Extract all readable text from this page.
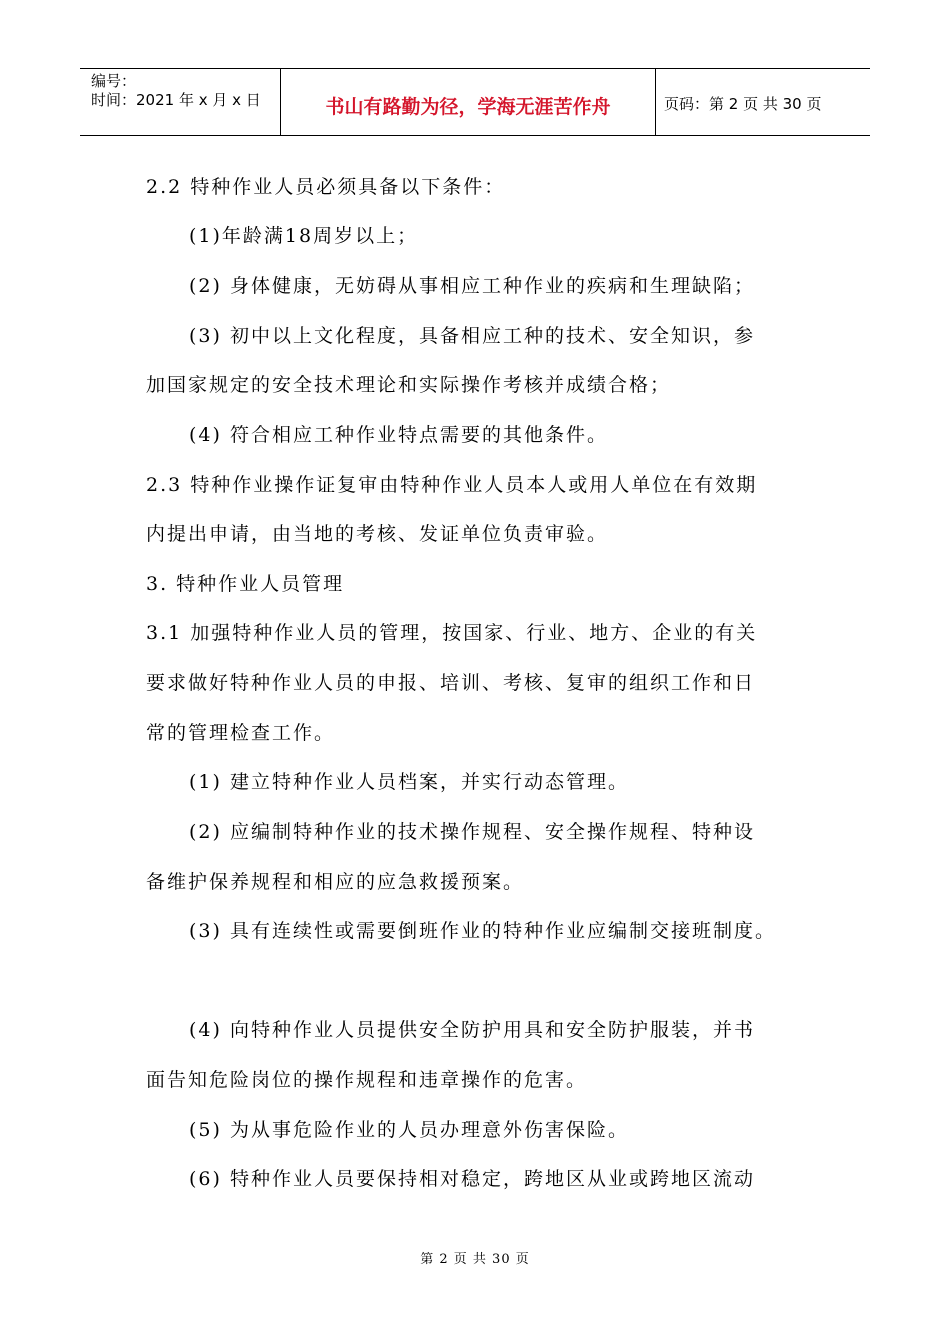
编号：
时间：2021 年 x 月 x 日	书山有路勤为径，学海无涯苦作舟	页码：第 2 页 共 30 页
2.2 特种作业人员必须具备以下条件：
(1)年龄满18周岁以上；
(2) 身体健康，无妨碍从事相应工种作业的疾病和生理缺陷；
(3) 初中以上文化程度，具备相应工种的技术、安全知识，参
加国家规定的安全技术理论和实际操作考核并成绩合格；
(4) 符合相应工种作业特点需要的其他条件。
2.3 特种作业操作证复审由特种作业人员本人或用人单位在有效期
内提出申请，由当地的考核、发证单位负责审验。
3. 特种作业人员管理
3.1 加强特种作业人员的管理，按国家、行业、地方、企业的有关
要求做好特种作业人员的申报、培训、考核、复审的组织工作和日
常的管理检查工作。
(1) 建立特种作业人员档案，并实行动态管理。
(2) 应编制特种作业的技术操作规程、安全操作规程、特种设
备维护保养规程和相应的应急救援预案。
(3) 具有连续性或需要倒班作业的特种作业应编制交接班制度。
(4) 向特种作业人员提供安全防护用具和安全防护服装，并书
面告知危险岗位的操作规程和违章操作的危害。
(5) 为从事危险作业的人员办理意外伤害保险。
(6) 特种作业人员要保持相对稳定，跨地区从业或跨地区流动
第 2 页 共 30 页
